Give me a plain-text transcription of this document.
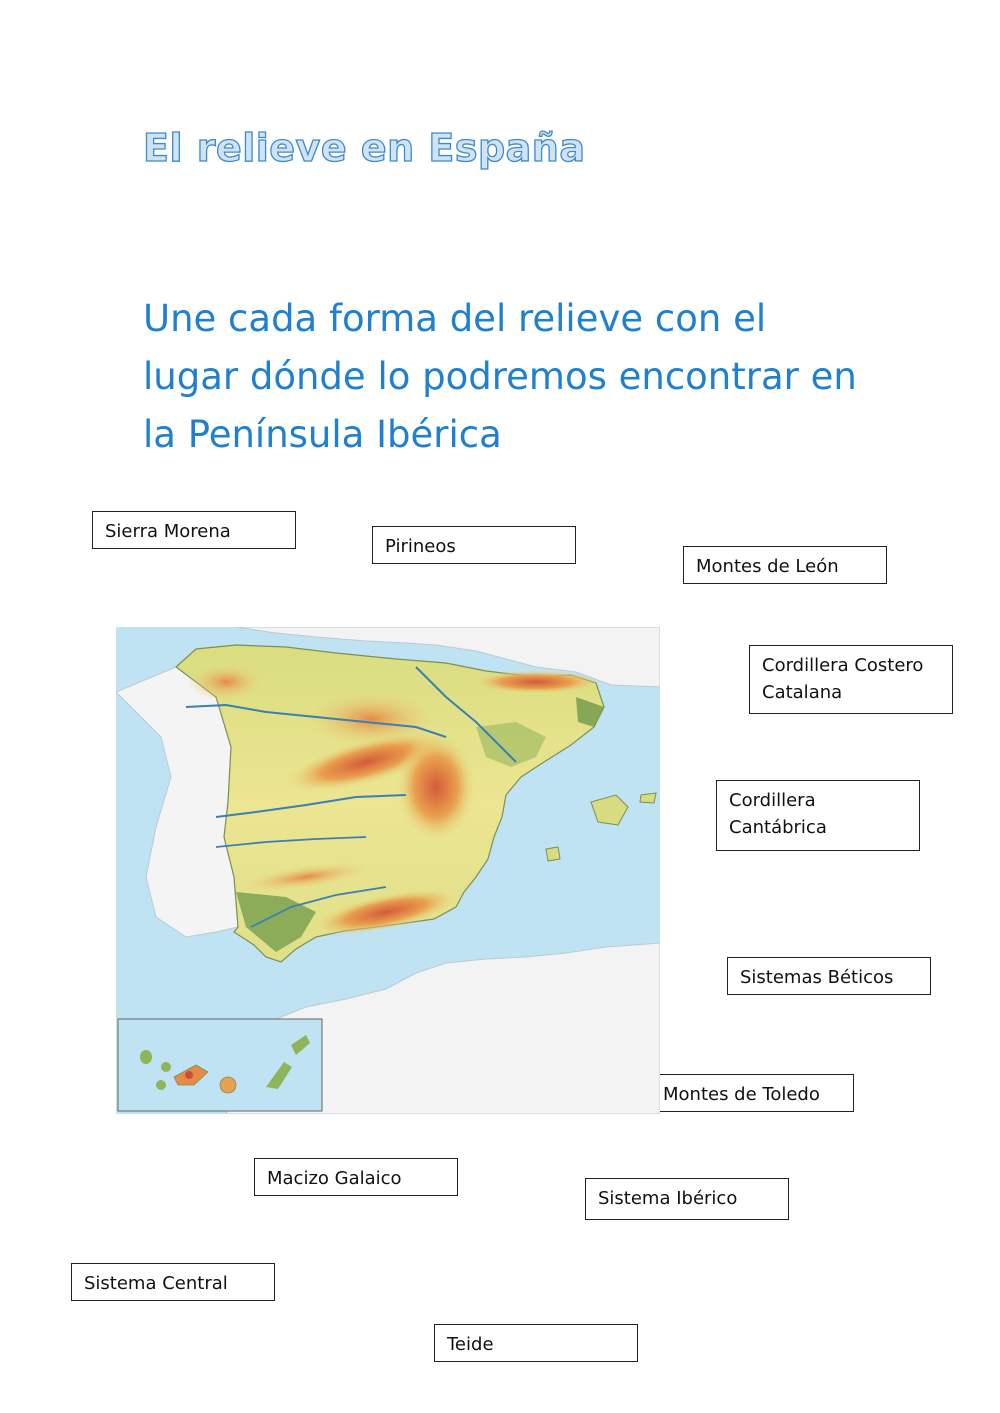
El relieve en España

Une cada forma del relieve con el lugar dónde lo podremos encontrar en la Península Ibérica

Sierra Morena
Pirineos
Montes de León
Cordillera Costero Catalana
Cordillera Cantábrica
Sistemas Béticos
Montes de Toledo
Macizo Galaico
Sistema Ibérico
Sistema Central
Teide
